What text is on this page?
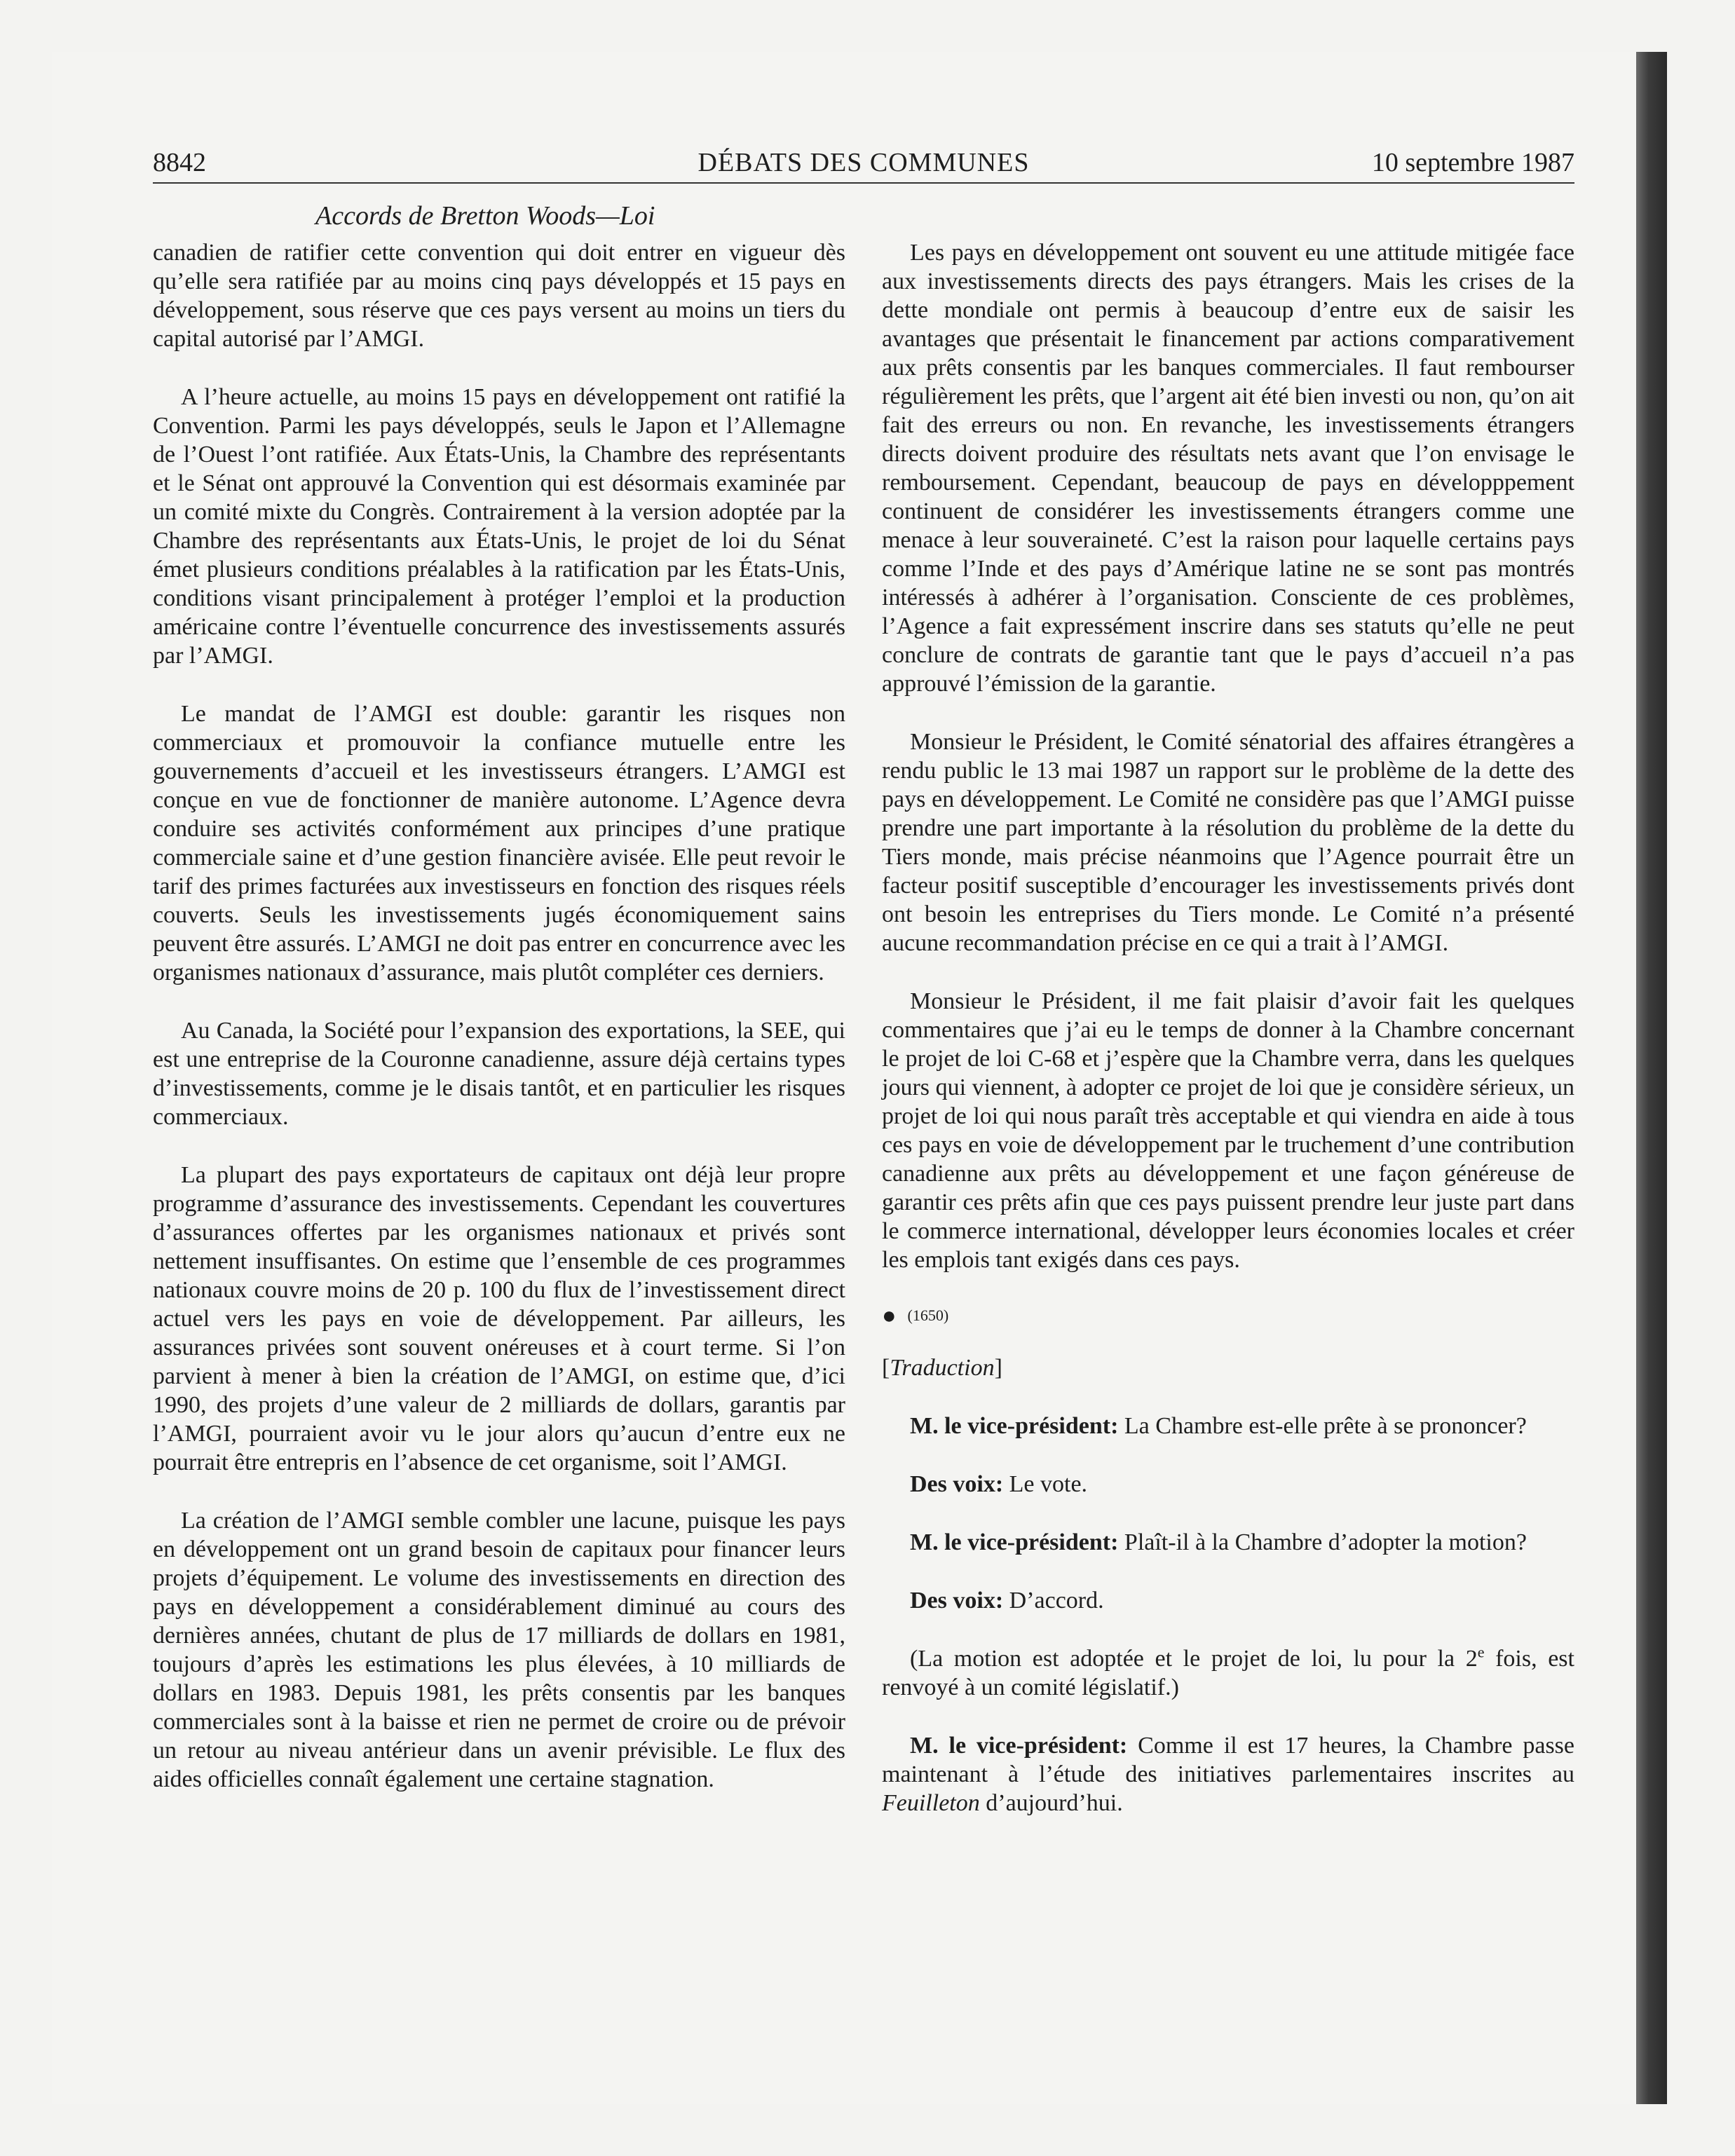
8842	DÉBATS DES COMMUNES	10 septembre 1987
Accords de Bretton Woods—Loi

canadien de ratifier cette convention qui doit entrer en vigueur dès qu’elle sera ratifiée par au moins cinq pays développés et 15 pays en développement, sous réserve que ces pays versent au moins un tiers du capital autorisé par l’AMGI.

A l’heure actuelle, au moins 15 pays en développement ont ratifié la Convention. Parmi les pays développés, seuls le Japon et l’Allemagne de l’Ouest l’ont ratifiée. Aux États-Unis, la Chambre des représentants et le Sénat ont approuvé la Convention qui est désormais examinée par un comité mixte du Congrès. Contrairement à la version adoptée par la Chambre des représentants aux États-Unis, le projet de loi du Sénat émet plusieurs conditions préalables à la ratification par les États-Unis, conditions visant principalement à protéger l’emploi et la production américaine contre l’éventuelle concurrence des investissements assurés par l’AMGI.

Le mandat de l’AMGI est double: garantir les risques non commerciaux et promouvoir la confiance mutuelle entre les gouvernements d’accueil et les investisseurs étrangers. L’AMGI est conçue en vue de fonctionner de manière autonome. L’Agence devra conduire ses activités conformément aux principes d’une pratique commerciale saine et d’une gestion financière avisée. Elle peut revoir le tarif des primes facturées aux investisseurs en fonction des risques réels couverts. Seuls les investissements jugés économiquement sains peuvent être assurés. L’AMGI ne doit pas entrer en concurrence avec les organismes nationaux d’assurance, mais plutôt compléter ces derniers.

Au Canada, la Société pour l’expansion des exportations, la SEE, qui est une entreprise de la Couronne canadienne, assure déjà certains types d’investissements, comme je le disais tantôt, et en particulier les risques commerciaux.

La plupart des pays exportateurs de capitaux ont déjà leur propre programme d’assurance des investissements. Cependant les couvertures d’assurances offertes par les organismes nationaux et privés sont nettement insuffisantes. On estime que l’ensemble de ces programmes nationaux couvre moins de 20 p. 100 du flux de l’investissement direct actuel vers les pays en voie de développement. Par ailleurs, les assurances privées sont souvent onéreuses et à court terme. Si l’on parvient à mener à bien la création de l’AMGI, on estime que, d’ici 1990, des projets d’une valeur de 2 milliards de dollars, garantis par l’AMGI, pourraient avoir vu le jour alors qu’aucun d’entre eux ne pourrait être entrepris en l’absence de cet organisme, soit l’AMGI.

La création de l’AMGI semble combler une lacune, puisque les pays en développement ont un grand besoin de capitaux pour financer leurs projets d’équipement. Le volume des investissements en direction des pays en développement a considérablement diminué au cours des dernières années, chutant de plus de 17 milliards de dollars en 1981, toujours d’après les estimations les plus élevées, à 10 milliards de dollars en 1983. Depuis 1981, les prêts consentis par les banques commerciales sont à la baisse et rien ne permet de croire ou de prévoir un retour au niveau antérieur dans un avenir prévisible. Le flux des aides officielles connaît également une certaine stagnation.

Les pays en développement ont souvent eu une attitude mitigée face aux investissements directs des pays étrangers. Mais les crises de la dette mondiale ont permis à beaucoup d’entre eux de saisir les avantages que présentait le financement par actions comparativement aux prêts consentis par les banques commerciales. Il faut rembourser régulièrement les prêts, que l’argent ait été bien investi ou non, qu’on ait fait des erreurs ou non. En revanche, les investissements étrangers directs doivent produire des résultats nets avant que l’on envisage le remboursement. Cependant, beaucoup de pays en développpement continuent de considérer les investissements étrangers comme une menace à leur souveraineté. C’est la raison pour laquelle certains pays comme l’Inde et des pays d’Amérique latine ne se sont pas montrés intéressés à adhérer à l’organisation. Consciente de ces problèmes, l’Agence a fait expressément inscrire dans ses statuts qu’elle ne peut conclure de contrats de garantie tant que le pays d’accueil n’a pas approuvé l’émission de la garantie.

Monsieur le Président, le Comité sénatorial des affaires étrangères a rendu public le 13 mai 1987 un rapport sur le problème de la dette des pays en développement. Le Comité ne considère pas que l’AMGI puisse prendre une part importante à la résolution du problème de la dette du Tiers monde, mais précise néanmoins que l’Agence pourrait être un facteur positif susceptible d’encourager les investissements privés dont ont besoin les entreprises du Tiers monde. Le Comité n’a présenté aucune recommandation précise en ce qui a trait à l’AMGI.

Monsieur le Président, il me fait plaisir d’avoir fait les quelques commentaires que j’ai eu le temps de donner à la Chambre concernant le projet de loi C-68 et j’espère que la Chambre verra, dans les quelques jours qui viennent, à adopter ce projet de loi que je considère sérieux, un projet de loi qui nous paraît très acceptable et qui viendra en aide à tous ces pays en voie de développement par le truchement d’une contribution canadienne aux prêts au développement et une façon généreuse de garantir ces prêts afin que ces pays puissent prendre leur juste part dans le commerce international, développer leurs économies locales et créer les emplois tant exigés dans ces pays.

● (1650)

[Traduction]

M. le vice-président: La Chambre est-elle prête à se prononcer?

Des voix: Le vote.

M. le vice-président: Plaît-il à la Chambre d’adopter la motion?

Des voix: D’accord.

(La motion est adoptée et le projet de loi, lu pour la 2e fois, est renvoyé à un comité législatif.)

M. le vice-président: Comme il est 17 heures, la Chambre passe maintenant à l’étude des initiatives parlementaires inscrites au Feuilleton d’aujourd’hui.
